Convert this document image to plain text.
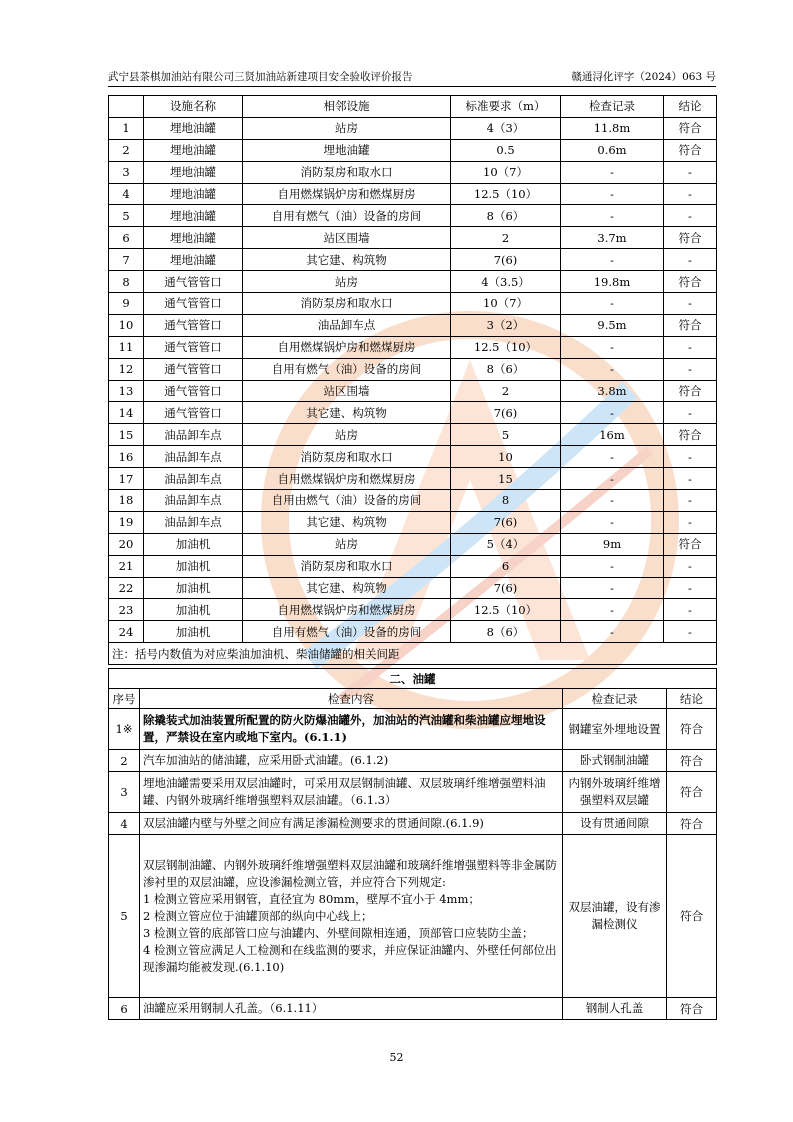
武宁县茶棋加油站有限公司三贤加油站新建项目安全验收评价报告	赣通浔化评字（2024）063 号
	设施名称	相邻设施	标准要求（m）	检查记录	结论
1	埋地油罐	站房	4（3）	11.8m	符合
2	埋地油罐	埋地油罐	0.5	0.6m	符合
3	埋地油罐	消防泵房和取水口	10（7）	-	-
4	埋地油罐	自用燃煤锅炉房和燃煤厨房	12.5（10）	-	-
5	埋地油罐	自用有燃气（油）设备的房间	8（6）	-	-
6	埋地油罐	站区围墙	2	3.7m	符合
7	埋地油罐	其它建、构筑物	7(6)	-	-
8	通气管管口	站房	4（3.5）	19.8m	符合
9	通气管管口	消防泵房和取水口	10（7）	-	-
10	通气管管口	油品卸车点	3（2）	9.5m	符合
11	通气管管口	自用燃煤锅炉房和燃煤厨房	12.5（10）	-	-
12	通气管管口	自用有燃气（油）设备的房间	8（6）	-	-
13	通气管管口	站区围墙	2	3.8m	符合
14	通气管管口	其它建、构筑物	7(6)	-	-
15	油品卸车点	站房	5	16m	符合
16	油品卸车点	消防泵房和取水口	10	-	-
17	油品卸车点	自用燃煤锅炉房和燃煤厨房	15	-	-
18	油品卸车点	自用由燃气（油）设备的房间	8	-	-
19	油品卸车点	其它建、构筑物	7(6)	-	-
20	加油机	站房	5（4）	9m	符合
21	加油机	消防泵房和取水口	6	-	-
22	加油机	其它建、构筑物	7(6)	-	-
23	加油机	自用燃煤锅炉房和燃煤厨房	12.5（10）	-	-
24	加油机	自用有燃气（油）设备的房间	8（6）	-	-
注：括号内数值为对应柴油加油机、柴油储罐的相关间距					
二、油罐			
序号	检查内容	检查记录	结论
1※	除撬装式加油装置所配置的防火防爆油罐外，加油站的汽油罐和柴油罐应埋地设置，严禁设在室内或地下室内。(6.1.1)	钢罐室外埋地设置	符合
2	汽车加油站的储油罐，应采用卧式油罐。(6.1.2)	卧式钢制油罐	符合
3	埋地油罐需要采用双层油罐时，可采用双层钢制油罐、双层玻璃纤维增强塑料油罐、内钢外玻璃纤维增强塑料双层油罐。（6.1.3）	内钢外玻璃纤维增强塑料双层罐	符合
4	双层油罐内壁与外壁之间应有满足渗漏检测要求的贯通间隙.(6.1.9)	设有贯通间隙	符合
5	双层钢制油罐、内钢外玻璃纤维增强塑料双层油罐和玻璃纤维增强塑料等非金属防渗衬里的双层油罐，应设渗漏检测立管，并应符合下列规定:
1 检测立管应采用钢管，直径宜为 80mm，壁厚不宜小于 4mm；
2 检测立管应位于油罐顶部的纵向中心线上；
3 检测立管的底部管口应与油罐内、外壁间隙相连通，顶部管口应装防尘盖；
4 检测立管应满足人工检测和在线监测的要求，并应保证油罐内、外壁任何部位出现渗漏均能被发现.(6.1.10)	双层油罐，设有渗漏检测仪	符合
6	油罐应采用钢制人孔盖。（6.1.11）	钢制人孔盖	符合
52
